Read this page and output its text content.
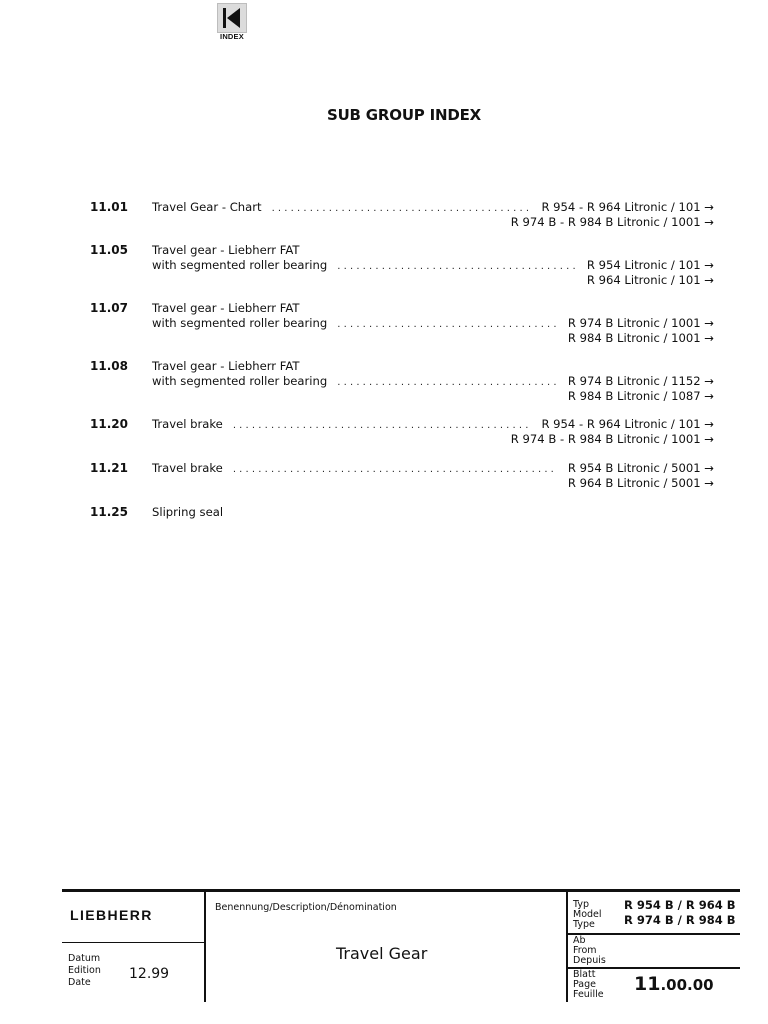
INDEX
SUB GROUP INDEX
11.01 Travel Gear - Chart . . .	R 954 - R 964 Litronic / 101 →
R 974 B - R 984 B Litronic / 1001 →
11.05 Travel gear - Liebherr FAT
with segmented roller bearing . . .	R 954 Litronic / 101 →
R 964 Litronic / 101 →
11.07 Travel gear - Liebherr FAT
with segmented roller bearing . . .	R 974 B Litronic / 1001 →
R 984 B Litronic / 1001 →
11.08 Travel gear - Liebherr FAT
with segmented roller bearing . . .	R 974 B Litronic / 1152 →
R 984 B Litronic / 1087 →
11.20 Travel brake . . .	R 954 - R 964 Litronic / 101 →
R 974 B - R 984 B Litronic / 1001 →
11.21 Travel brake . . .	R 954 B Litronic / 5001 →
R 964 B Litronic / 5001 →
11.25 Slipring seal
LIEBHERR
Datum
Edition
Date
12.99
Benennung/Description/Dénomination
Travel Gear
Typ
Model
Type
R 954 B / R 964 B
R 974 B / R 984 B
Ab
From
Depuis
Blatt
Page
Feuille 11.00.00
